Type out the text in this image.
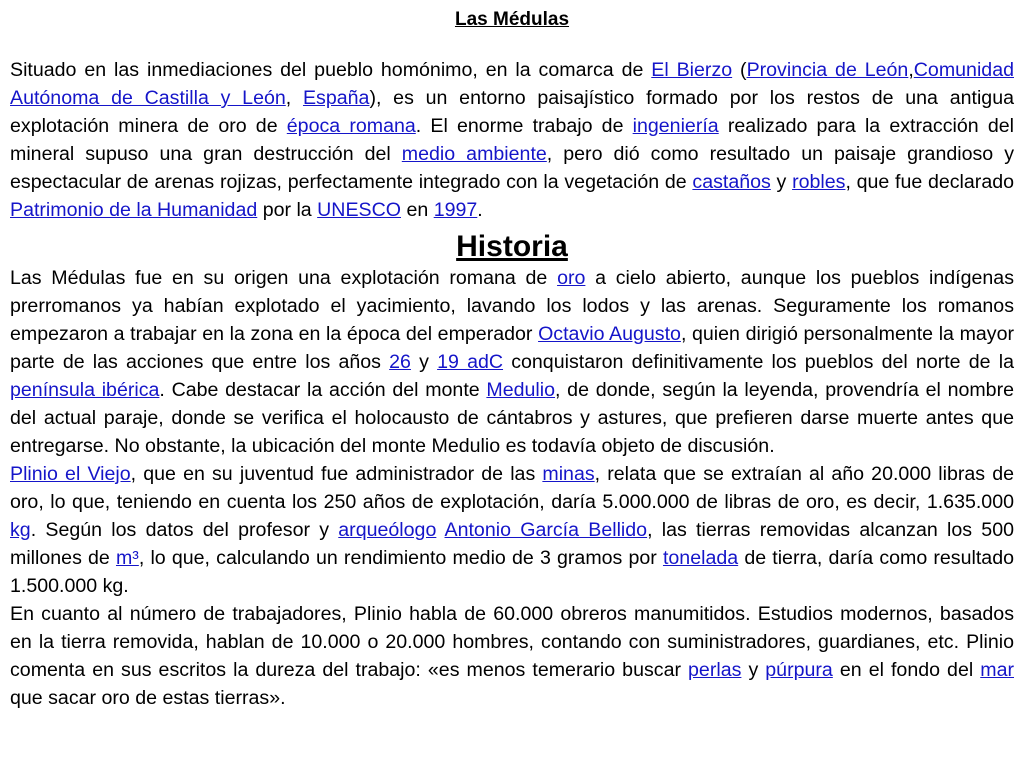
Las Médulas

Situado en las inmediaciones del pueblo homónimo, en la comarca de El Bierzo (Provincia de León,Comunidad Autónoma de Castilla y León, España), es un entorno paisajístico formado por los restos de una antigua explotación minera de oro de época romana. El enorme trabajo de ingeniería realizado para la extracción del mineral supuso una gran destrucción del medio ambiente, pero dió como resultado un paisaje grandioso y espectacular de arenas rojizas, perfectamente integrado con la vegetación de castaños y robles, que fue declarado Patrimonio de la Humanidad por la UNESCO en 1997.

Historia

Las Médulas fue en su origen una explotación romana de oro a cielo abierto, aunque los pueblos indígenas prerromanos ya habían explotado el yacimiento, lavando los lodos y las arenas. Seguramente los romanos empezaron a trabajar en la zona en la época del emperador Octavio Augusto, quien dirigió personalmente la mayor parte de las acciones que entre los años 26 y 19 adC conquistaron definitivamente los pueblos del norte de la península ibérica. Cabe destacar la acción del monte Medulio, de donde, según la leyenda, provendría el nombre del actual paraje, donde se verifica el holocausto de cántabros y astures, que prefieren darse muerte antes que entregarse. No obstante, la ubicación del monte Medulio es todavía objeto de discusión.

Plinio el Viejo, que en su juventud fue administrador de las minas, relata que se extraían al año 20.000 libras de oro, lo que, teniendo en cuenta los 250 años de explotación, daría 5.000.000 de libras de oro, es decir, 1.635.000 kg. Según los datos del profesor y arqueólogo Antonio García Bellido, las tierras removidas alcanzan los 500 millones de m³, lo que, calculando un rendimiento medio de 3 gramos por tonelada de tierra, daría como resultado 1.500.000 kg.

En cuanto al número de trabajadores, Plinio habla de 60.000 obreros manumitidos. Estudios modernos, basados en la tierra removida, hablan de 10.000 o 20.000 hombres, contando con suministradores, guardianes, etc. Plinio comenta en sus escritos la dureza del trabajo: «es menos temerario buscar perlas y púrpura en el fondo del mar que sacar oro de estas tierras».
